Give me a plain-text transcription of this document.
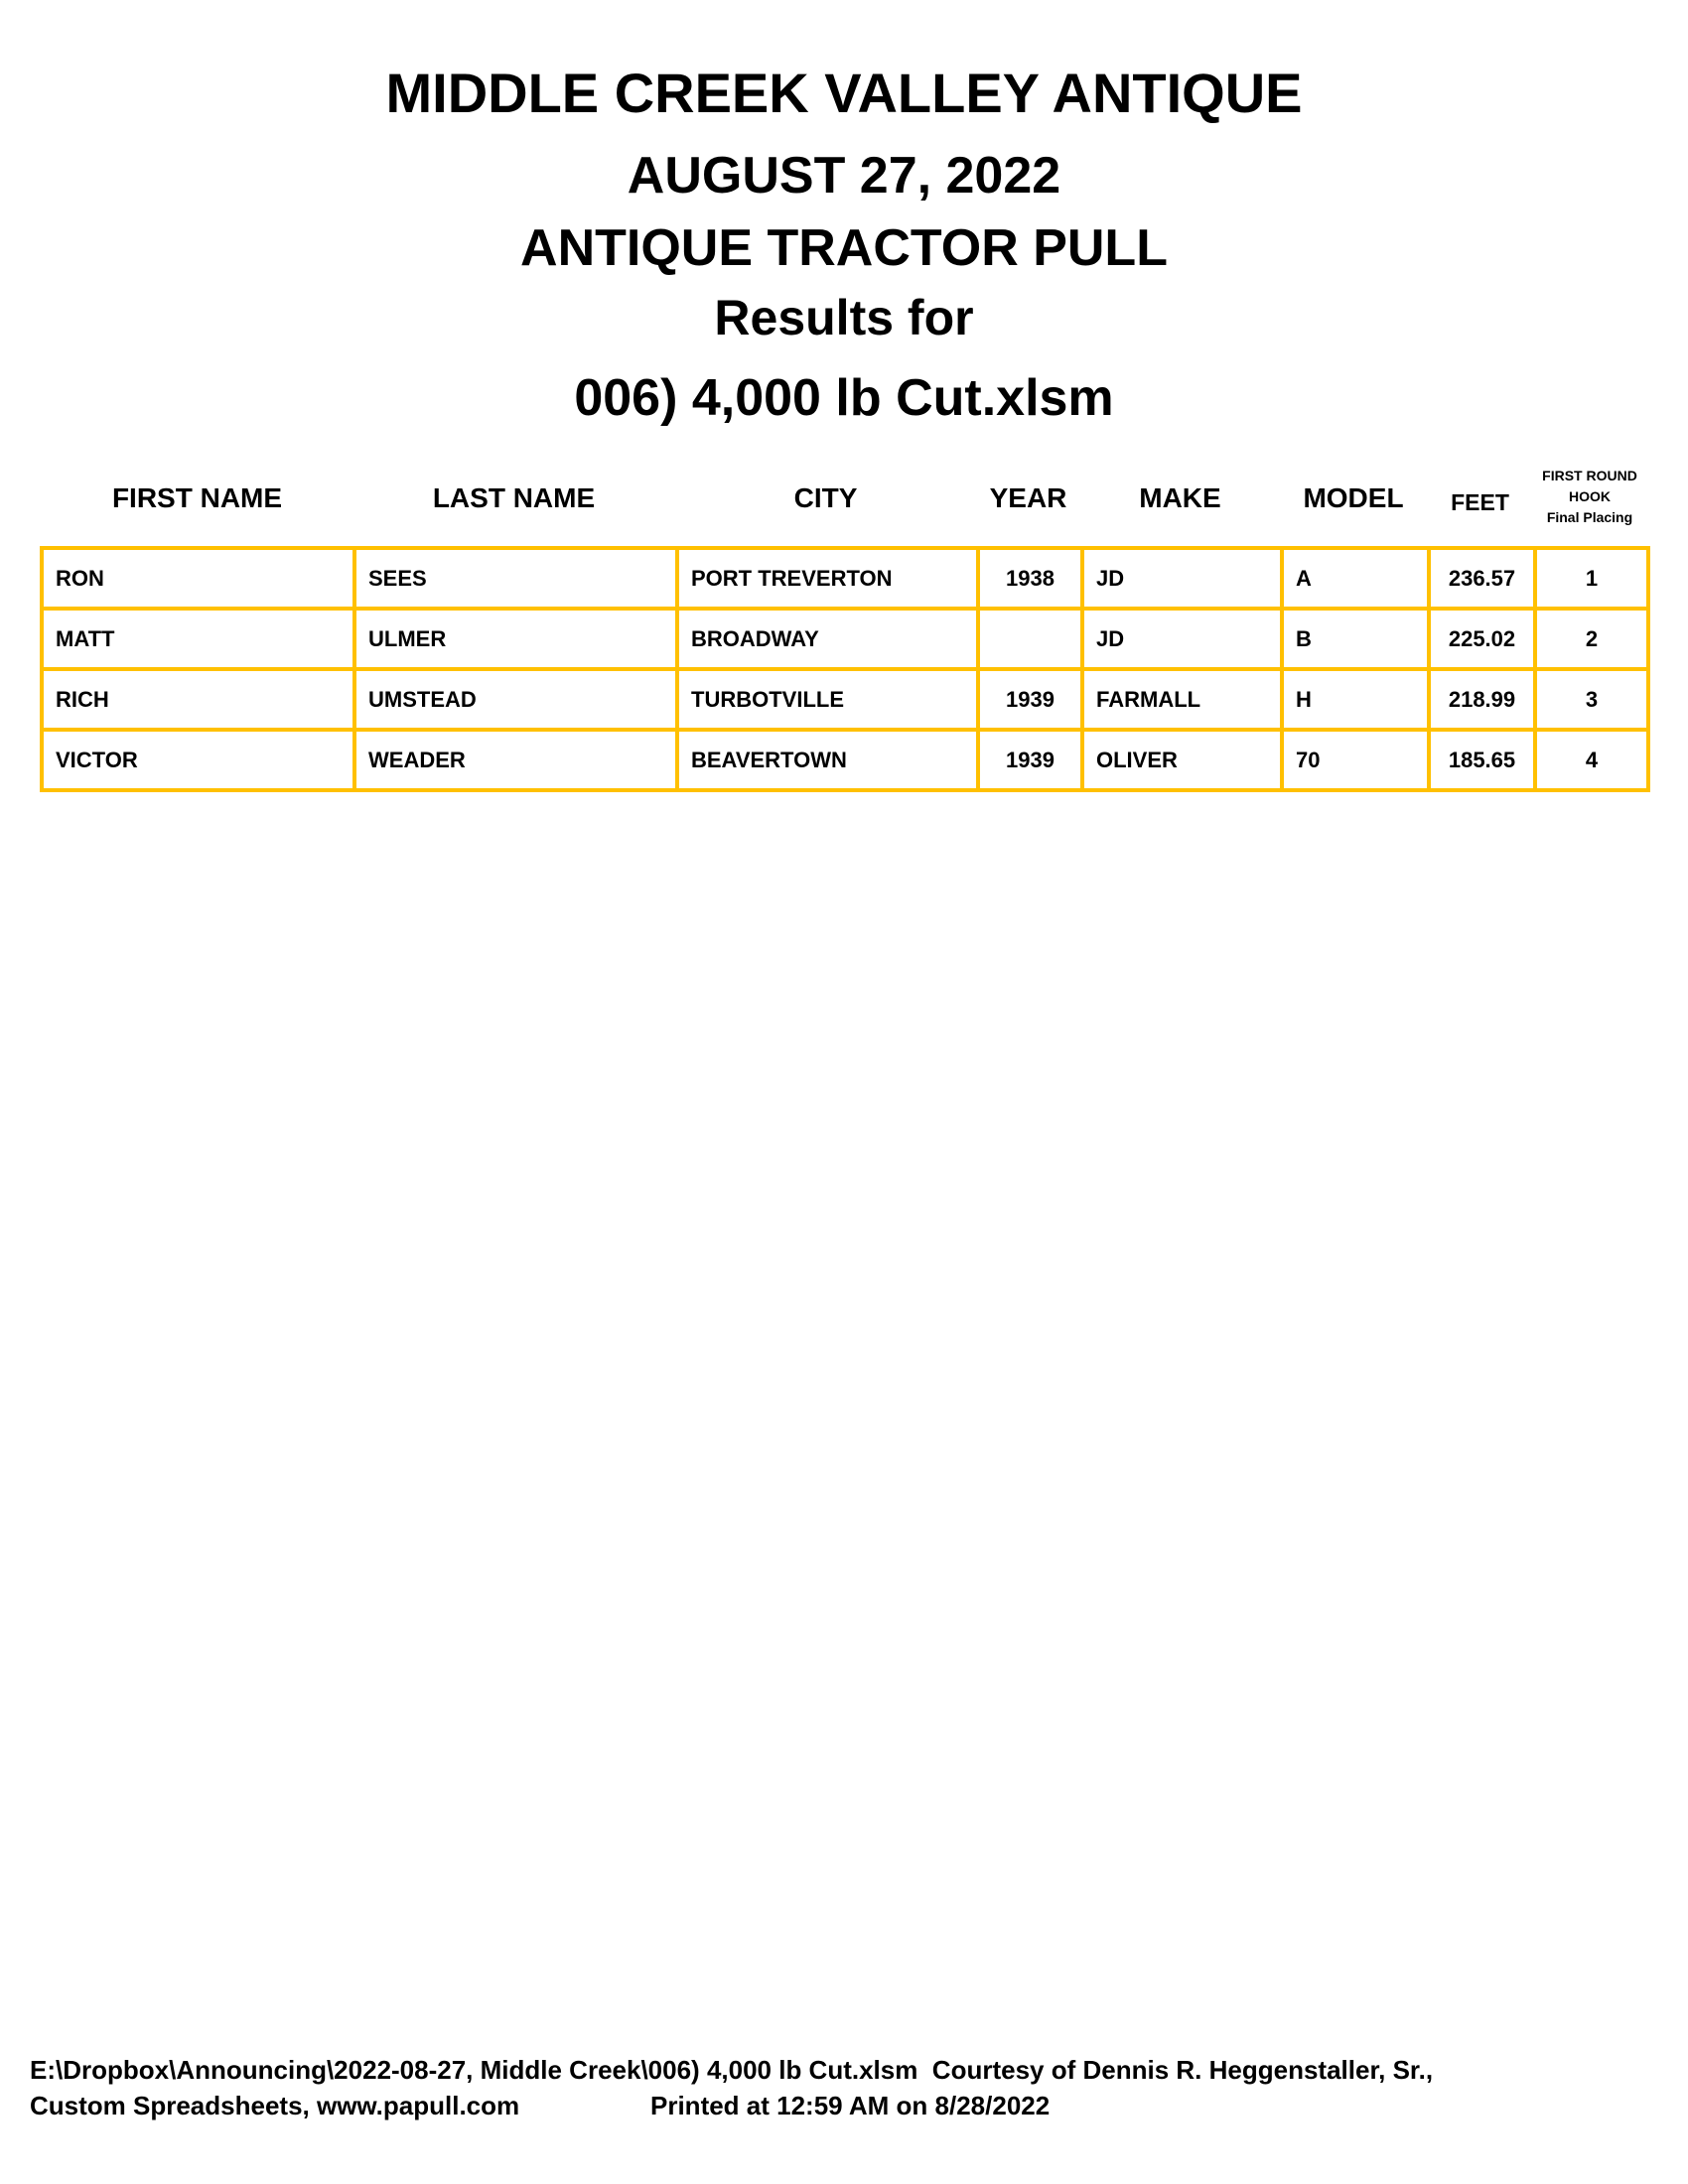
MIDDLE CREEK VALLEY ANTIQUE
AUGUST 27, 2022
ANTIQUE TRACTOR PULL
Results for
006) 4,000 lb Cut.xlsm
FIRST NAME	LAST NAME	CITY	YEAR	MAKE	MODEL	FEET
FIRST ROUND
HOOK
Final Placing
RON	SEES	PORT TREVERTON	1938	JD	A	236.57	1
MATT	ULMER	BROADWAY		JD	B	225.02	2
RICH	UMSTEAD	TURBOTVILLE	1939	FARMALL	H	218.99	3
VICTOR	WEADER	BEAVERTOWN	1939	OLIVER	70	185.65	4
E:\Dropbox\Announcing\2022-08-27, Middle Creek\006) 4,000 lb Cut.xlsm  Courtesy of Dennis R. Heggenstaller, Sr.,
Custom Spreadsheets, www.papull.com	Printed at 12:59 AM on 8/28/2022
